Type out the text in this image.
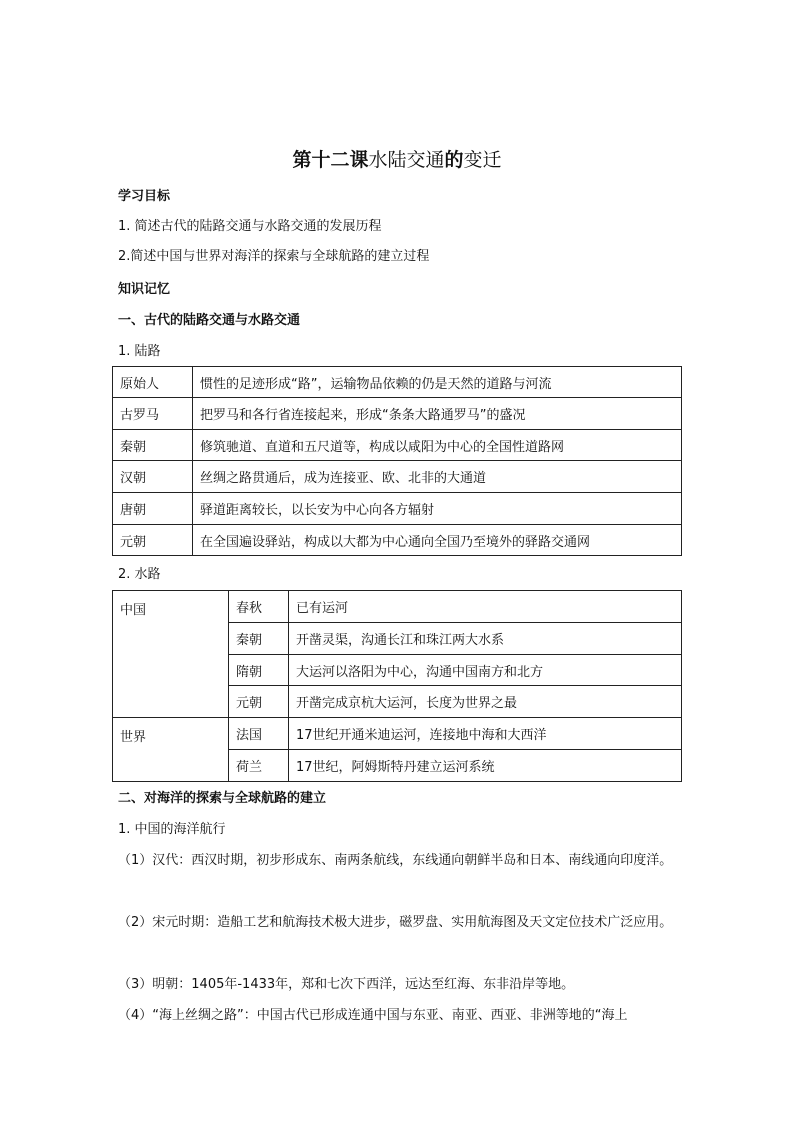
第十二课水陆交通的变迁
学习目标
1. 简述古代的陆路交通与水路交通的发展历程
2.简述中国与世界对海洋的探索与全球航路的建立过程
知识记忆
一、古代的陆路交通与水路交通
1. 陆路
原始人	惯性的足迹形成“路”，运输物品依赖的仍是天然的道路与河流
古罗马	把罗马和各行省连接起来，形成“条条大路通罗马”的盛况
秦朝	修筑驰道、直道和五尺道等，构成以咸阳为中心的全国性道路网
汉朝	丝绸之路贯通后，成为连接亚、欧、北非的大通道
唐朝	驿道距离较长，以长安为中心向各方辐射
元朝	在全国遍设驿站，构成以大都为中心通向全国乃至境外的驿路交通网
2. 水路
中国	春秋	已有运河
	秦朝	开凿灵渠，沟通长江和珠江两大水系
	隋朝	大运河以洛阳为中心，沟通中国南方和北方
	元朝	开凿完成京杭大运河，长度为世界之最
世界	法国	17世纪开通米迪运河，连接地中海和大西洋
	荷兰	17世纪，阿姆斯特丹建立运河系统
二、对海洋的探索与全球航路的建立
1. 中国的海洋航行
（1）汉代：西汉时期，初步形成东、南两条航线，东线通向朝鲜半岛和日本、南线通向印度洋。
（2）宋元时期：造船工艺和航海技术极大进步，磁罗盘、实用航海图及天文定位技术广泛应用。
（3）明朝：1405年-1433年，郑和七次下西洋，远达至红海、东非沿岸等地。
（4）“海上丝绸之路”：中国古代已形成连通中国与东亚、南亚、西亚、非洲等地的“海上
